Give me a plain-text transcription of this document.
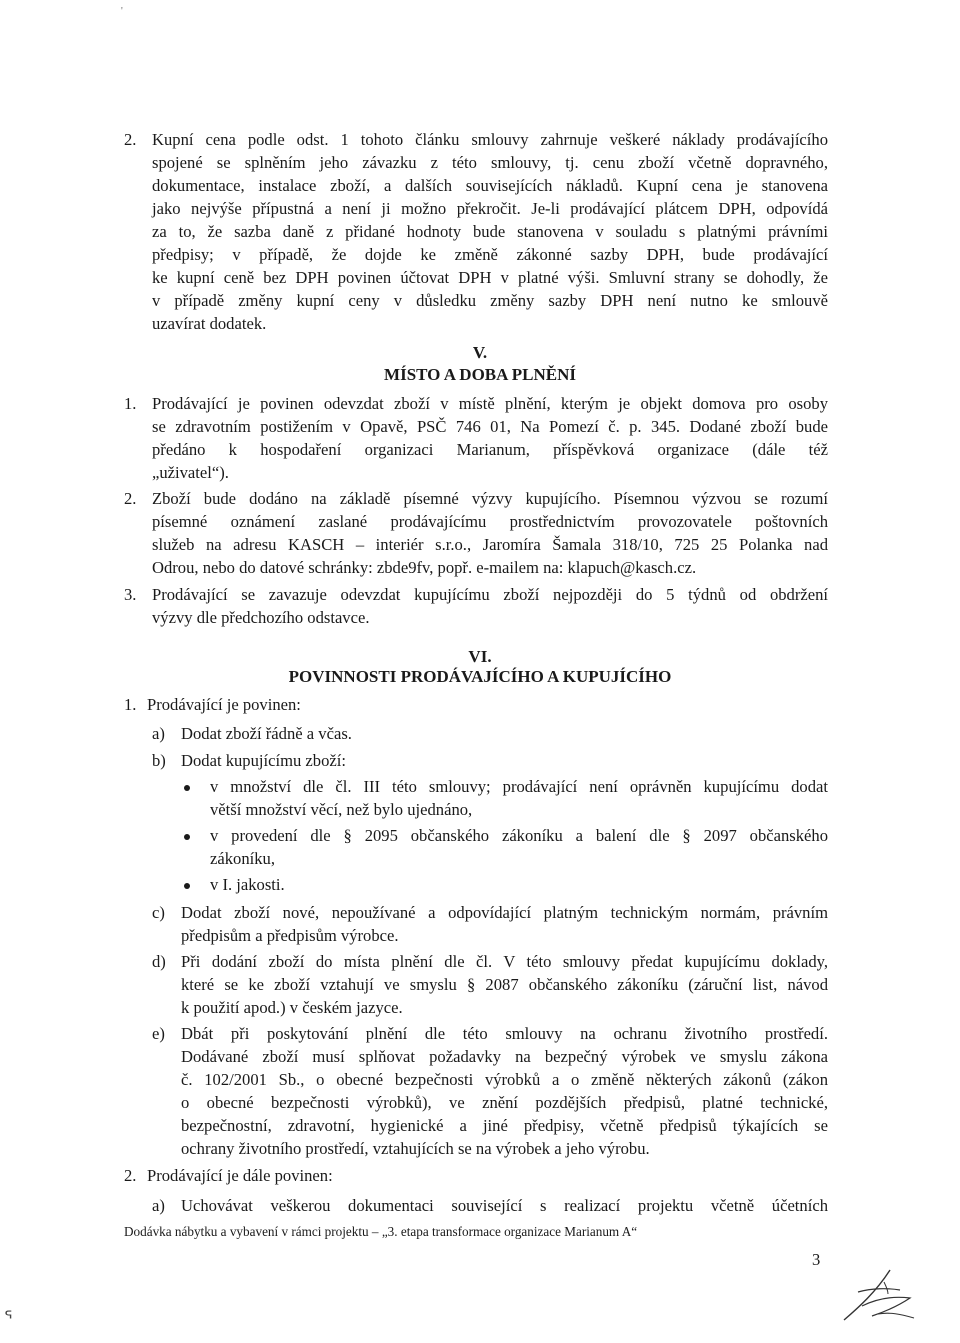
'
2. Kupní cena podle odst. 1 tohoto článku smlouvy zahrnuje veškeré náklady prodávajícího
spojené se splněním jeho závazku z této smlouvy, tj. cenu zboží včetně dopravného,
dokumentace, instalace zboží, a dalších souvisejících nákladů. Kupní cena je stanovena
jako nejvýše přípustná a není ji možno překročit. Je-li prodávající plátcem DPH, odpovídá
za to, že sazba daně z přidané hodnoty bude stanovena v souladu s platnými právními
předpisy; v případě, že dojde ke změně zákonné sazby DPH, bude prodávající
ke kupní ceně bez DPH povinen účtovat DPH v platné výši. Smluvní strany se dohodly, že
v případě změny kupní ceny v důsledku změny sazby DPH není nutno ke smlouvě
uzavírat dodatek.
V.
MÍSTO A DOBA PLNĚNÍ
1. Prodávající je povinen odevzdat zboží v místě plnění, kterým je objekt domova pro osoby
se zdravotním postižením v Opavě, PSČ 746 01, Na Pomezí č. p. 345. Dodané zboží bude
předáno k hospodaření organizaci Marianum, příspěvková organizace (dále též
„uživatel“).
2. Zboží bude dodáno na základě písemné výzvy kupujícího. Písemnou výzvou se rozumí
písemné oznámení zaslané prodávajícímu prostřednictvím provozovatele poštovních
služeb na adresu KASCH – interiér s.r.o., Jaromíra Šamala 318/10, 725 25 Polanka nad
Odrou, nebo do datové schránky: zbde9fv, popř. e-mailem na: klapuch@kasch.cz.
3. Prodávající se zavazuje odevzdat kupujícímu zboží nejpozději do 5 týdnů od obdržení
výzvy dle předchozího odstavce.
VI.
POVINNOSTI PRODÁVAJÍCÍHO A KUPUJÍCÍHO
1. Prodávající je povinen:
a) Dodat zboží řádně a včas.
b) Dodat kupujícímu zboží:
v množství dle čl. III této smlouvy; prodávající není oprávněn kupujícímu dodat
větší množství věcí, než bylo ujednáno,
v provedení dle § 2095 občanského zákoníku a balení dle § 2097 občanského
zákoníku,
v I. jakosti.
c) Dodat zboží nové, nepoužívané a odpovídající platným technickým normám, právním
předpisům a předpisům výrobce.
d) Při dodání zboží do místa plnění dle čl. V této smlouvy předat kupujícímu doklady,
které se ke zboží vztahují ve smyslu § 2087 občanského zákoníku (záruční list, návod
k použití apod.) v českém jazyce.
e) Dbát při poskytování plnění dle této smlouvy na ochranu životního prostředí.
Dodávané zboží musí splňovat požadavky na bezpečný výrobek ve smyslu zákona
č. 102/2001 Sb., o obecné bezpečnosti výrobků a o změně některých zákonů (zákon
o obecné bezpečnosti výrobků), ve znění pozdějších předpisů, platné technické,
bezpečnostní, zdravotní, hygienické a jiné předpisy, včetně předpisů týkajících se
ochrany životního prostředí, vztahujících se na výrobek a jeho výrobu.
2. Prodávající je dále povinen:
a) Uchovávat veškerou dokumentaci související s realizací projektu včetně účetních
Dodávka nábytku a vybavení v rámci projektu – „3. etapa transformace organizace Marianum A“
3
ᕐ
